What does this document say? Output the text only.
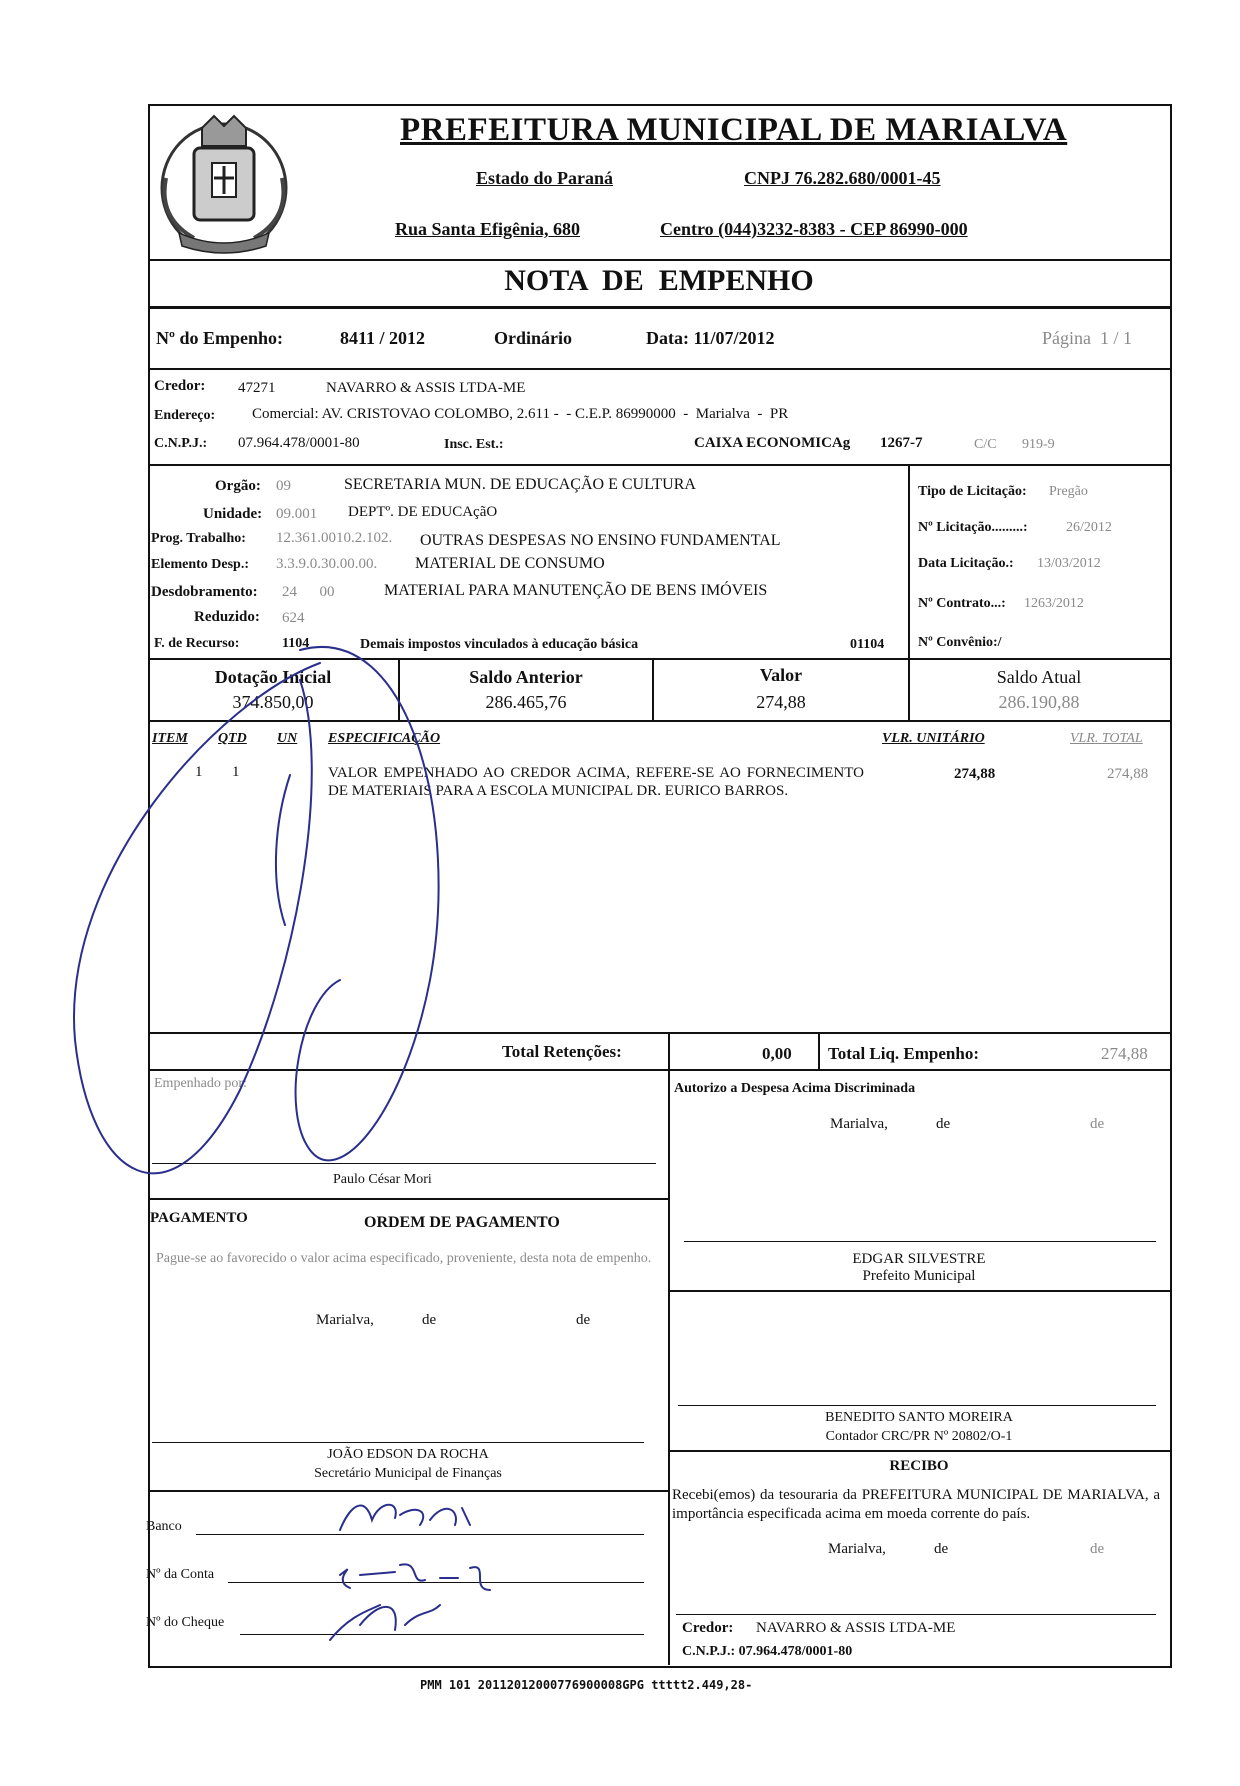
PREFEITURA MUNICIPAL DE MARIALVA
Estado do Paraná	CNPJ 76.282.680/0001-45
Rua Santa Efigênia, 680	Centro (044)3232-8383 - CEP 86990-000
NOTA  DE  EMPENHO
Nº do Empenho:	8411 / 2012	Ordinário	Data: 11/07/2012	Página  1 / 1
Credor: 47271	NAVARRO & ASSIS LTDA-ME
Endereço: Comercial: AV. CRISTOVAO COLOMBO, 2.611 -  - C.E.P. 86990000  -  Marialva  -  PR
C.N.P.J.: 07.964.478/0001-80	Insc. Est.:	CAIXA ECONOMICAg 1267-7	C/C 919-9
Orgão: 09	SECRETARIA MUN. DE EDUCAÇÃO E CULTURA
Unidade: 09.001 DEPTº. DE EDUCAçãO
Prog. Trabalho: 12.361.0010.2.102. OUTRAS DESPESAS NO ENSINO FUNDAMENTAL
Elemento Desp.: 3.3.9.0.30.00.00. MATERIAL DE CONSUMO
Desdobramento: 24      00	MATERIAL PARA MANUTENÇÃO DE BENS IMÓVEIS
Reduzido: 624
F. de Recurso:	1104	Demais impostos vinculados à educação básica	01104
Tipo de Licitação: Pregão
Nº Licitação.........:	26/2012
Data Licitação.: 13/03/2012
Nº Contrato...: 1263/2012
Nº Convênio:/
Dotação Inicial
374.850,00
Saldo Anterior
286.465,76
Valor
274,88
Saldo Atual
286.190,88
ITEM QTD UN ESPECIFICAÇÃO	VLR. UNITÁRIO	VLR. TOTAL
1 1	VALOR EMPENHADO AO CREDOR ACIMA, REFERE-SE AO FORNECIMENTO DE MATERIAIS PARA A ESCOLA MUNICIPAL DR. EURICO BARROS.
274,88	274,88
Total Retenções:	0,00 Total Liq. Empenho:	274,88
Empenhado por:
Paulo César Mori
PAGAMENTO	ORDEM DE PAGAMENTO
Pague-se ao favorecido o valor acima especificado, proveniente, desta nota de empenho.
Marialva,	de	de
JOÃO EDSON DA ROCHA
Secretário Municipal de Finanças
Banco
Nº da Conta
Nº do Cheque
Autorizo a Despesa Acima Discriminada
Marialva,	de	de
EDGAR SILVESTRE
Prefeito Municipal
BENEDITO SANTO MOREIRA
Contador CRC/PR Nº 20802/O-1
RECIBO
Recebi(emos) da tesouraria da PREFEITURA MUNICIPAL DE MARIALVA, a importância especificada acima em moeda corrente do país.
Marialva,	de	de
Credor: NAVARRO & ASSIS LTDA-ME
C.N.P.J.: 07.964.478/0001-80
PMM 101 20112012000776900008GPG ttttt2.449,28-
